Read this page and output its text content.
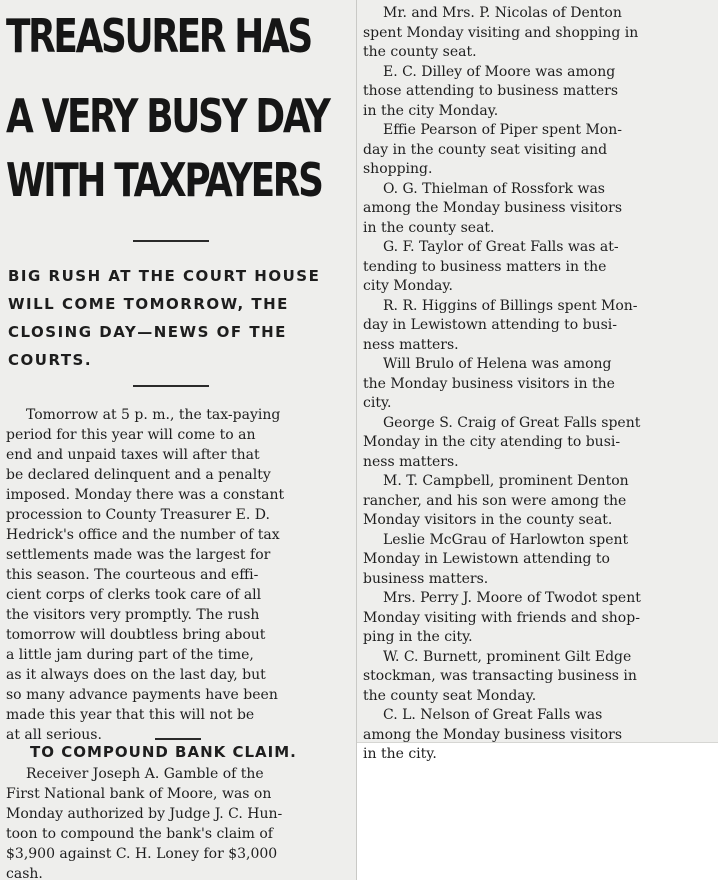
TREASURER HAS
A VERY BUSY DAY
WITH TAXPAYERS
BIG RUSH AT THE COURT HOUSE
WILL COME TOMORROW, THE
CLOSING DAY—NEWS OF THE
COURTS.
Tomorrow at 5 p. m., the tax-paying
period for this year will come to an
end and unpaid taxes will after that
be declared delinquent and a penalty
imposed. Monday there was a constant
procession to County Treasurer E. D.
Hedrick's office and the number of tax
settlements made was the largest for
this season. The courteous and effi-
cient corps of clerks took care of all
the visitors very promptly. The rush
tomorrow will doubtless bring about
a little jam during part of the time,
as it always does on the last day, but
so many advance payments have been
made this year that this will not be
at all serious.
TO COMPOUND BANK CLAIM.
Receiver Joseph A. Gamble of the
First National bank of Moore, was on
Monday authorized by Judge J. C. Hun-
toon to compound the bank's claim of
$3,900 against C. H. Loney for $3,000
cash.
Mr. and Mrs. P. Nicolas of Denton
spent Monday visiting and shopping in
the county seat.
E. C. Dilley of Moore was among
those attending to business matters
in the city Monday.
Effie Pearson of Piper spent Mon-
day in the county seat visiting and
shopping.
O. G. Thielman of Rossfork was
among the Monday business visitors
in the county seat.
G. F. Taylor of Great Falls was at-
tending to business matters in the
city Monday.
R. R. Higgins of Billings spent Mon-
day in Lewistown attending to busi-
ness matters.
Will Brulo of Helena was among
the Monday business visitors in the
city.
George S. Craig of Great Falls spent
Monday in the city atending to busi-
ness matters.
M. T. Campbell, prominent Denton
rancher, and his son were among the
Monday visitors in the county seat.
Leslie McGrau of Harlowton spent
Monday in Lewistown attending to
business matters.
Mrs. Perry J. Moore of Twodot spent
Monday visiting with friends and shop-
ping in the city.
W. C. Burnett, prominent Gilt Edge
stockman, was transacting business in
the county seat Monday.
C. L. Nelson of Great Falls was
among the Monday business visitors
in the city.
